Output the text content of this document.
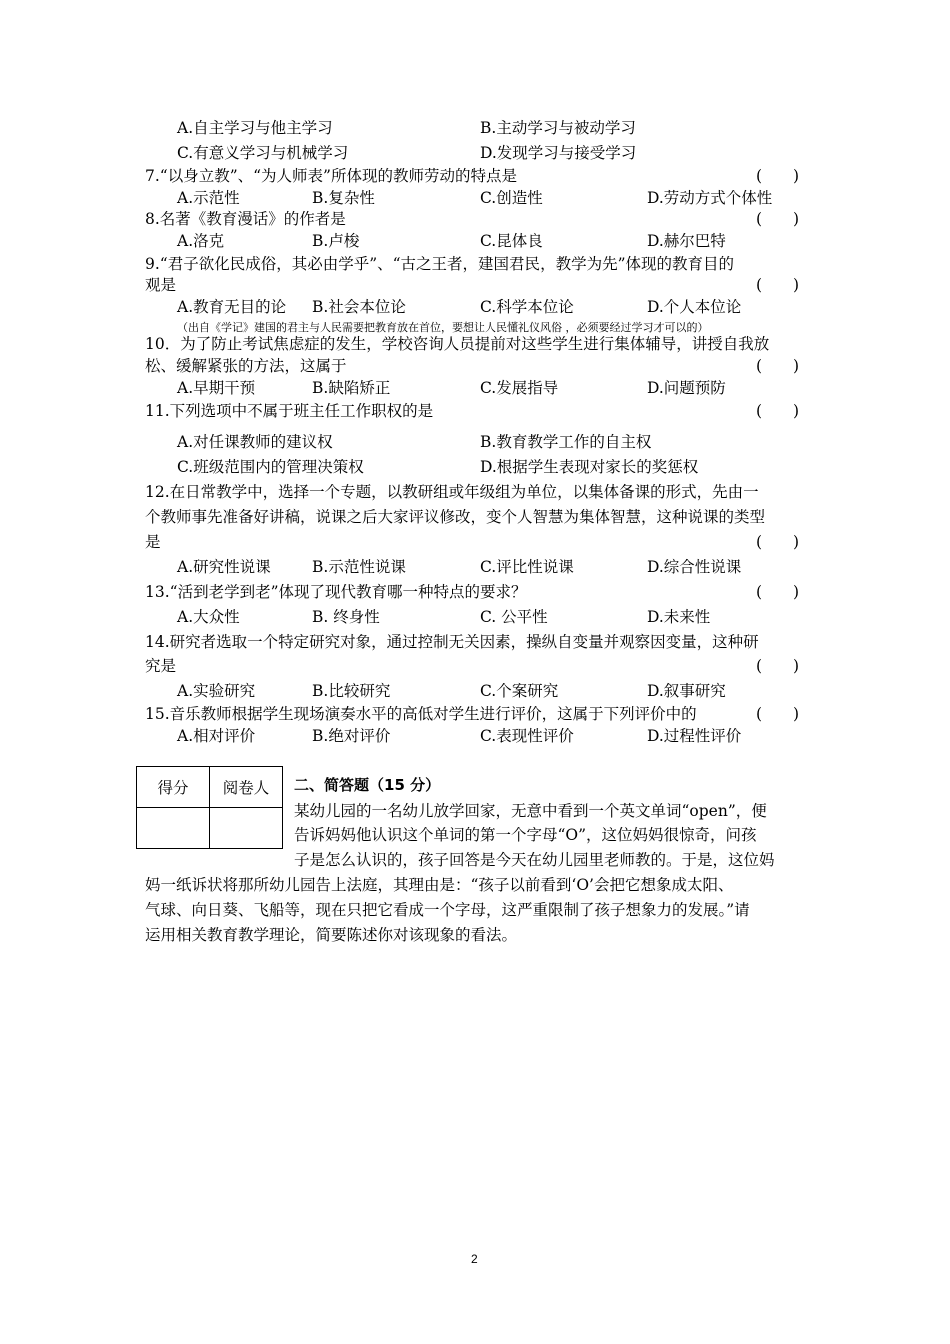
A.自主学习与他主学习	B.主动学习与被动学习
C.有意义学习与机械学习	D.发现学习与接受学习
7.“以身立教”、“为人师表”所体现的教师劳动的特点是	(　　)
A.示范性	B.复杂性	C.创造性	D.劳动方式个体性
8.名著《教育漫话》的作者是	(　　)
A.洛克	B.卢梭	C.昆体良	D.赫尔巴特
9.“君子欲化民成俗，其必由学乎”、“古之王者，建国君民，教学为先”体现的教育目的
观是	(　　)
A.教育无目的论 B.社会本位论	C.科学本位论	D.个人本位论
（出自《学记》建国的君主与人民需要把教育放在首位，要想让人民懂礼仪风俗 ，必须要经过学习才可以的）
10．为了防止考试焦虑症的发生，学校咨询人员提前对这些学生进行集体辅导，讲授自我放
松、缓解紧张的方法，这属于	(　　)
A.早期干预	B.缺陷矫正	C.发展指导	D.问题预防
11.下列选项中不属于班主任工作职权的是	(　　)
A.对任课教师的建议权	B.教育教学工作的自主权
C.班级范围内的管理决策权	D.根据学生表现对家长的奖惩权
12.在日常教学中，选择一个专题，以教研组或年级组为单位，以集体备课的形式，先由一
个教师事先准备好讲稿，说课之后大家评议修改，变个人智慧为集体智慧，这种说课的类型
是	(　　)
A.研究性说课	B.示范性说课	C.评比性说课	D.综合性说课
13.“活到老学到老”体现了现代教育哪一种特点的要求？	(　　)
A.大众性	B. 终身性	C. 公平性	D.未来性
14.研究者选取一个特定研究对象，通过控制无关因素，操纵自变量并观察因变量，这种研
究是	(　　)
A.实验研究	B.比较研究	C.个案研究	D.叙事研究
15.音乐教师根据学生现场演奏水平的高低对学生进行评价，这属于下列评价中的	(　　)
A.相对评价	B.绝对评价	C.表现性评价	D.过程性评价
得分	阅卷人
	二、简答题（15 分）
某幼儿园的一名幼儿放学回家，无意中看到一个英文单词“open”，便
告诉妈妈他认识这个单词的第一个字母“O”，这位妈妈很惊奇，问孩
子是怎么认识的，孩子回答是今天在幼儿园里老师教的。于是，这位妈
妈一纸诉状将那所幼儿园告上法庭，其理由是：“孩子以前看到‘O’会把它想象成太阳、
气球、向日葵、飞船等，现在只把它看成一个字母，这严重限制了孩子想象力的发展。”请
运用相关教育教学理论，简要陈述你对该现象的看法。
2
